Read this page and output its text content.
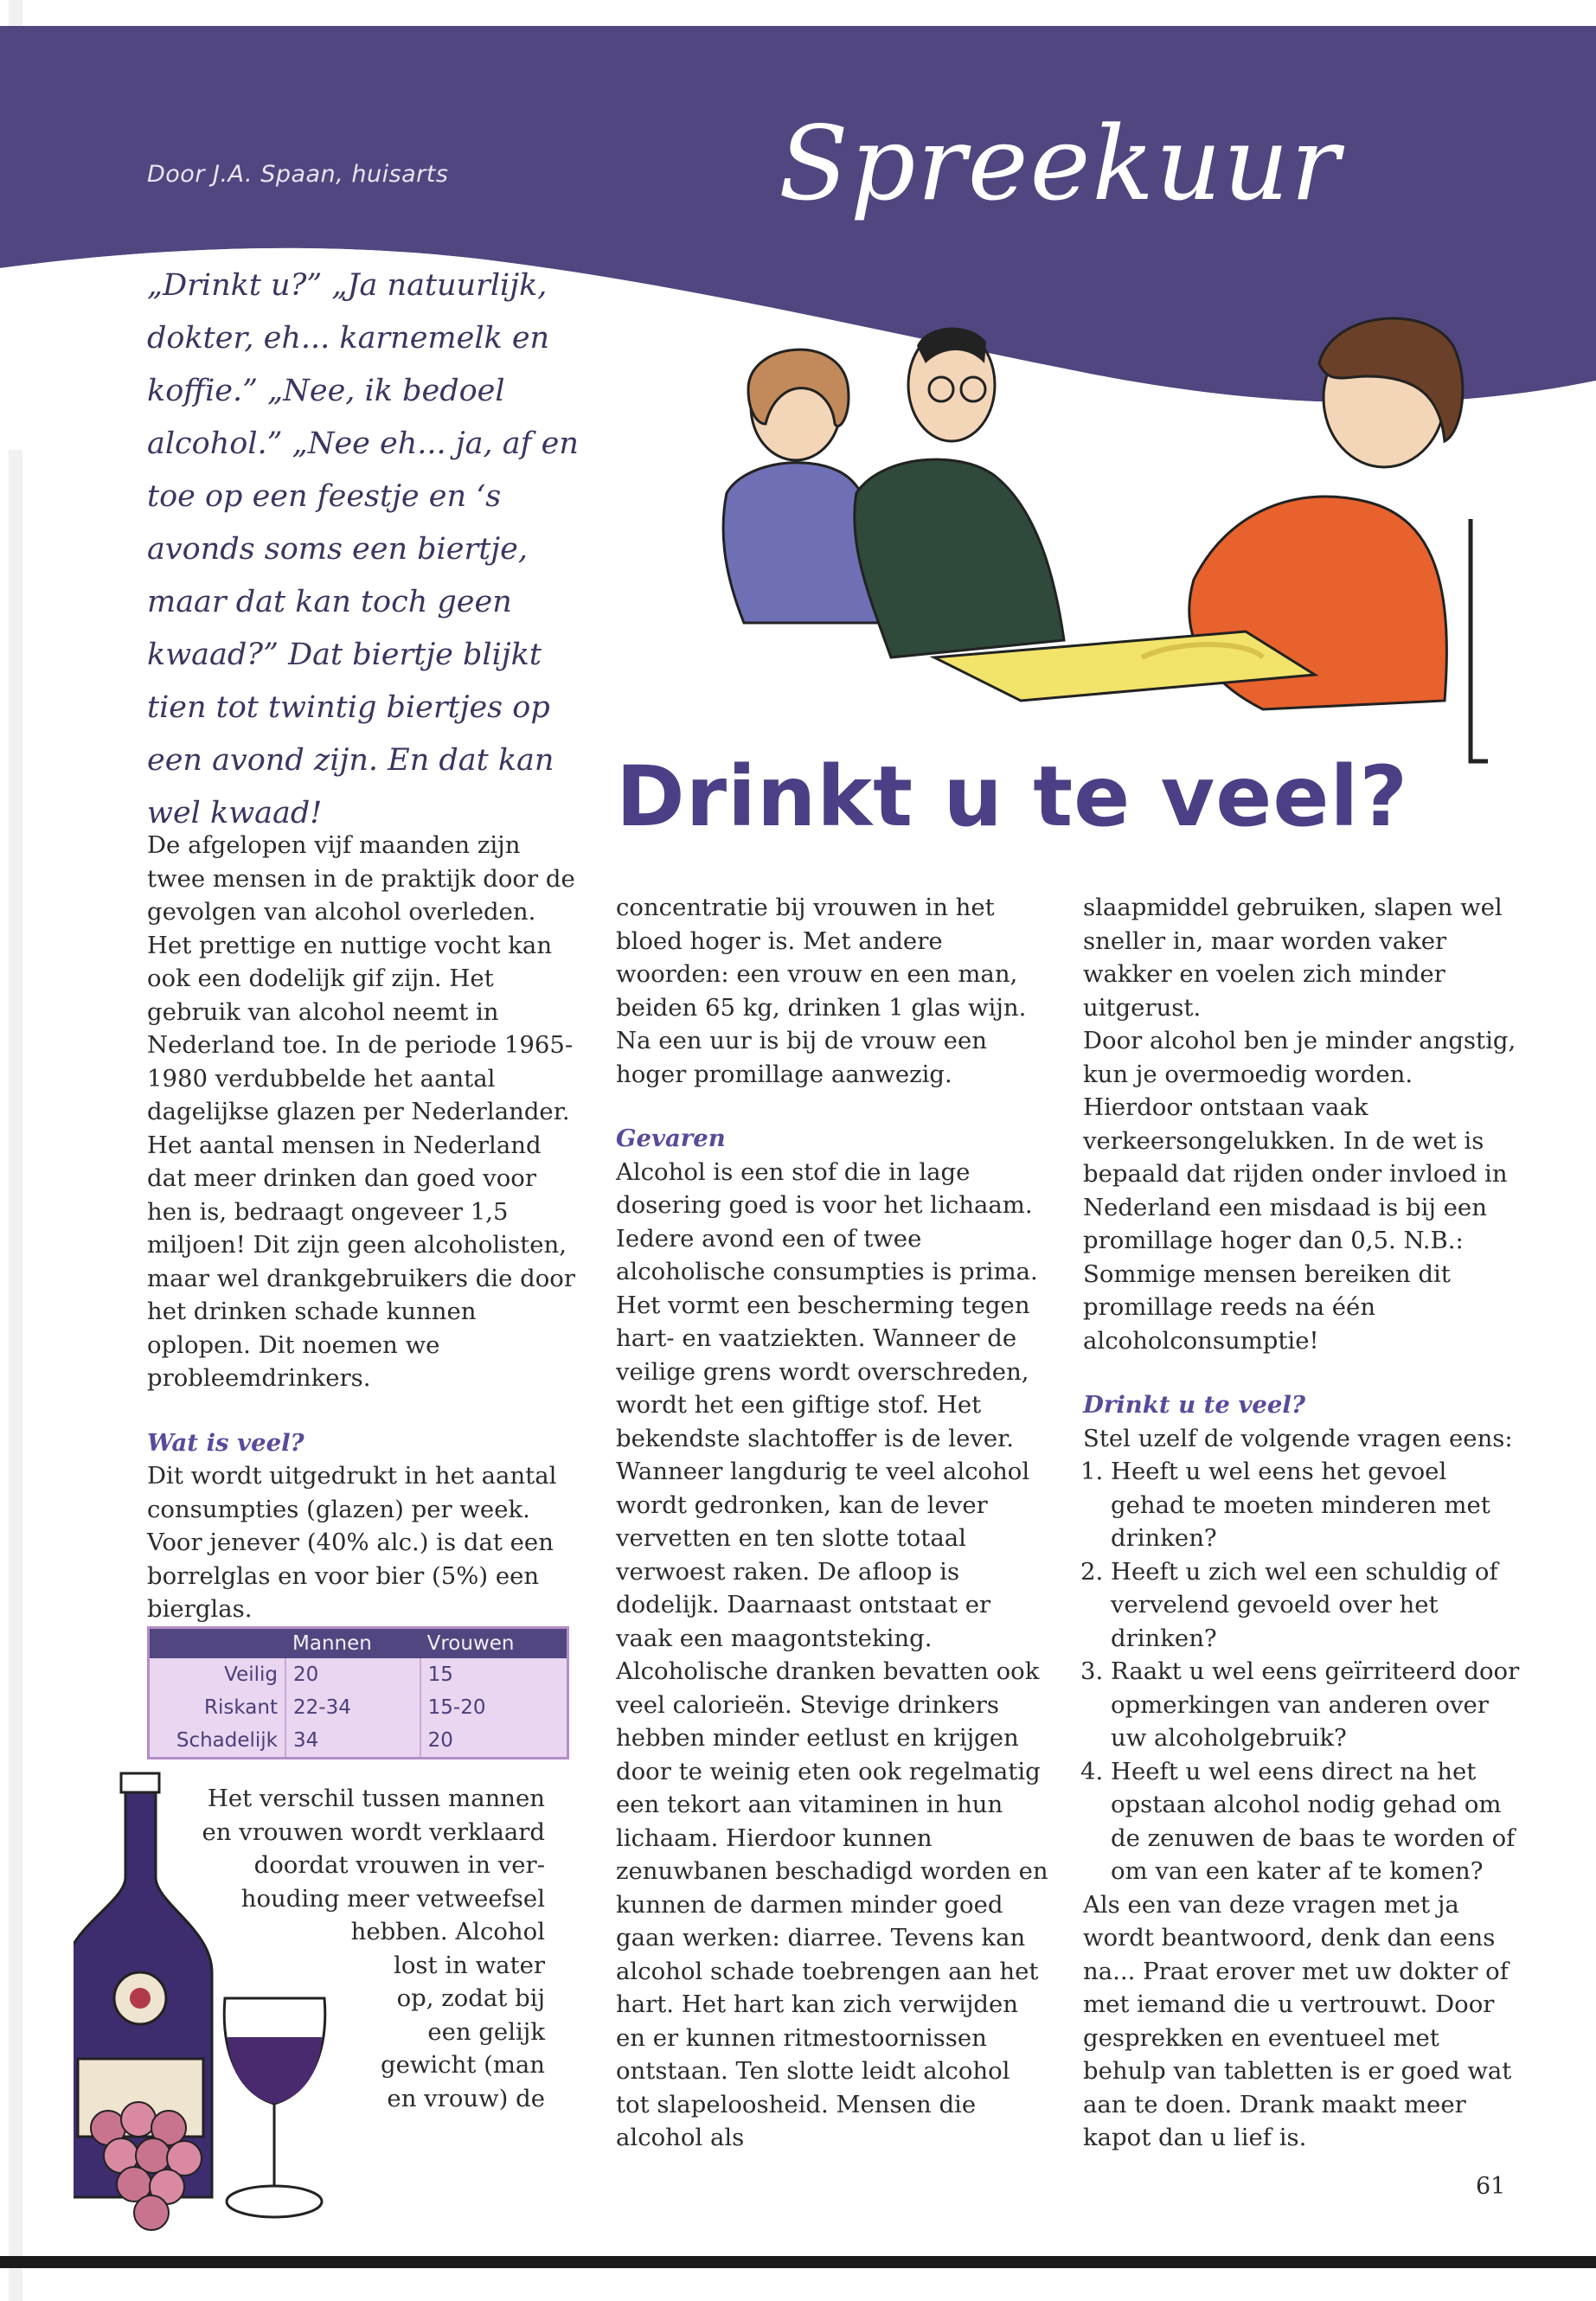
Door J.A. Spaan, huisarts	Spreekuur

„Drinkt u?” „Ja natuurlijk, dokter, eh... karnemelk en koffie.” „Nee, ik bedoel alcohol.” „Nee eh... ja, af en toe op een feestje en ‘s avonds soms een biertje, maar dat kan toch geen kwaad?” Dat biertje blijkt tien tot twintig biertjes op een avond zijn. En dat kan wel kwaad!	Drinkt u te veel?

De afgelopen vijf maanden zijn twee mensen in de praktijk door de gevolgen van alcohol overleden. Het prettige en nuttige vocht kan ook een dodelijk gif zijn. Het gebruik van alcohol neemt in Nederland toe. In de periode 1965-1980 verdubbelde het aantal dagelijkse glazen per Nederlander. Het aantal mensen in Nederland dat meer drinken dan goed voor hen is, bedraagt ongeveer 1,5 miljoen! Dit zijn geen alcoholisten, maar wel drankgebruikers die door het drinken schade kunnen oplopen. Dit noemen we probleemdrinkers.

Wat is veel?

Dit wordt uitgedrukt in het aantal consumpties (glazen) per week. Voor jenever (40% alc.) is dat een borrelglas en voor bier (5%) een bierglas.

	Mannen	Vrouwen
Veilig	20	15
Riskant	22-34	15-20
Schadelijk	34	20
Het verschil tussen mannen
en vrouwen wordt verklaard
doordat vrouwen in ver-
houding meer vetweefsel
hebben. Alcohol
lost in water
op, zodat bij
een gelijk
gewicht (man
en vrouw) de

concentratie bij vrouwen in het bloed hoger is. Met andere woorden: een vrouw en een man, beiden 65 kg, drinken 1 glas wijn. Na een uur is bij de vrouw een hoger promillage aanwezig.

Gevaren

Alcohol is een stof die in lage dosering goed is voor het lichaam. Iedere avond een of twee alcoholische consumpties is prima. Het vormt een bescherming tegen hart- en vaatziekten. Wanneer de veilige grens wordt overschreden, wordt het een giftige stof. Het bekendste slachtoffer is de lever. Wanneer langdurig te veel alcohol wordt gedronken, kan de lever vervetten en ten slotte totaal verwoest raken. De afloop is dodelijk. Daarnaast ontstaat er vaak een maagontsteking.

Alcoholische dranken bevatten ook veel calorieën. Stevige drinkers hebben minder eetlust en krijgen door te weinig eten ook regelmatig een tekort aan vitaminen in hun lichaam. Hierdoor kunnen zenuwbanen beschadigd worden en kunnen de darmen minder goed gaan werken: diarree. Tevens kan alcohol schade toebrengen aan het hart. Het hart kan zich verwijden en er kunnen ritmestoornissen ontstaan. Ten slotte leidt alcohol tot slapeloosheid. Mensen die alcohol als

slaapmiddel gebruiken, slapen wel sneller in, maar worden vaker wakker en voelen zich minder uitgerust.

Door alcohol ben je minder angstig, kun je overmoedig worden. Hierdoor ontstaan vaak verkeersongelukken. In de wet is bepaald dat rijden onder invloed in Nederland een misdaad is bij een promillage hoger dan 0,5. N.B.: Sommige mensen bereiken dit promillage reeds na één alcoholconsumptie!

Drinkt u te veel?

Stel uzelf de volgende vragen eens:

1. Heeft u wel eens het gevoel gehad te moeten minderen met drinken?
2. Heeft u zich wel een schuldig of vervelend gevoeld over het drinken?
3. Raakt u wel eens geïrriteerd door opmerkingen van anderen over uw alcoholgebruik?
4. Heeft u wel eens direct na het opstaan alcohol nodig gehad om de zenuwen de baas te worden of om van een kater af te komen?

Als een van deze vragen met ja wordt beantwoord, denk dan eens na... Praat erover met uw dokter of met iemand die u vertrouwt. Door gesprekken en eventueel met behulp van tabletten is er goed wat aan te doen. Drank maakt meer kapot dan u lief is.

61
